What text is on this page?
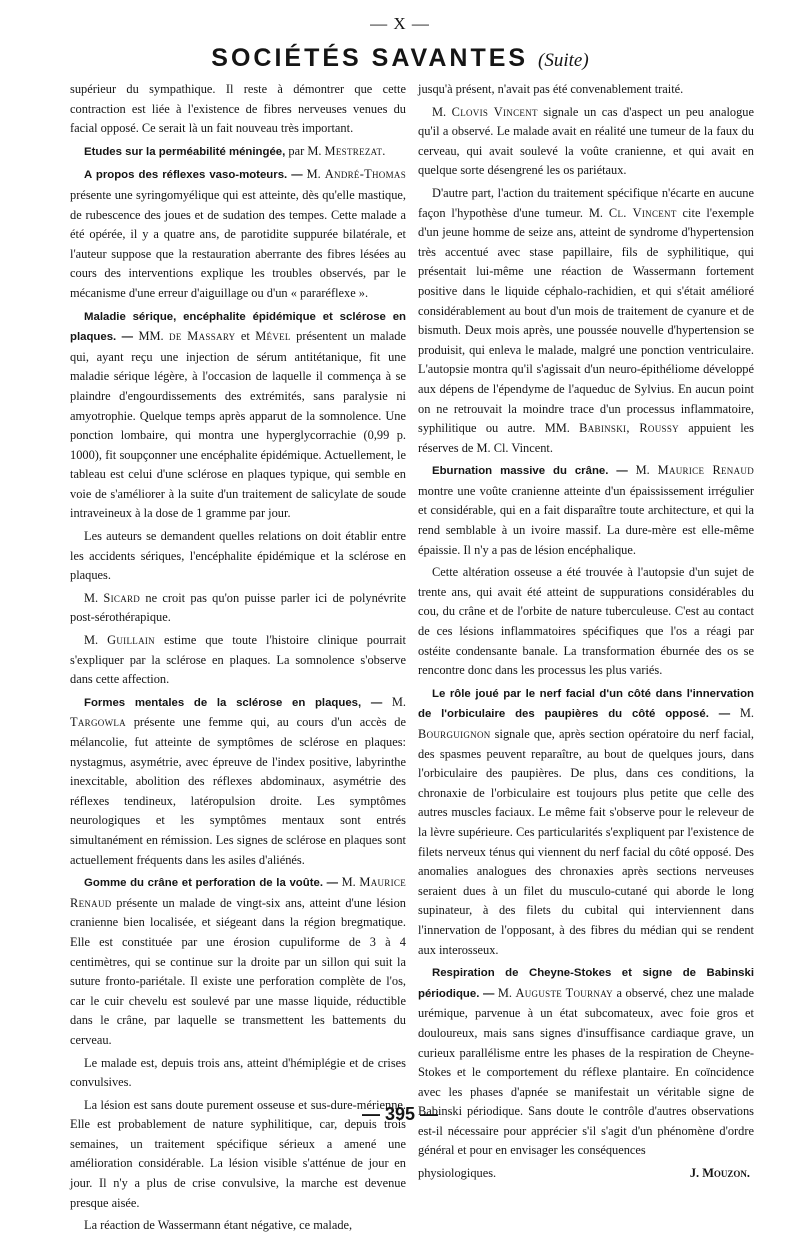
— X —
SOCIÉTÉS SAVANTES (Suite)

supérieur du sympathique. Il reste à démontrer que cette contraction est liée à l'existence de fibres nerveuses venues du facial opposé. Ce serait là un fait nouveau très important.

Etudes sur la perméabilité méningée, par M. Mestrezat.

A propos des réflexes vaso-moteurs. — M. André-Thomas présente une syringomyélique qui est atteinte, dès qu'elle mastique, de rubescence des joues et de sudation des tempes. Cette malade a été opérée, il y a quatre ans, de parotidite suppurée bilatérale, et l'auteur suppose que la restauration aberrante des fibres lésées au cours des interventions explique les troubles observés, par le mécanisme d'une erreur d'aiguillage ou d'un « pararéflexe ».

Maladie sérique, encéphalite épidémique et sclérose en plaques. — MM. de Massary et Mével présentent un malade qui, ayant reçu une injection de sérum antitétanique, fit une maladie sérique légère, à l'occasion de laquelle il commença à se plaindre d'engourdissements des extrémités, sans paralysie ni amyotrophie. Quelque temps après apparut de la somnolence. Une ponction lombaire, qui montra une hyperglycorrachie (0,99 p. 1000), fit soupçonner une encéphalite épidémique. Actuellement, le tableau est celui d'une sclérose en plaques typique, qui semble en voie de s'améliorer à la suite d'un traitement de salicylate de soude intraveineux à la dose de 1 gramme par jour.

Les auteurs se demandent quelles relations on doit établir entre les accidents sériques, l'encéphalite épidémique et la sclérose en plaques.

M. Sicard ne croit pas qu'on puisse parler ici de polynévrite post-sérothérapique.

M. Guillain estime que toute l'histoire clinique pourrait s'expliquer par la sclérose en plaques. La somnolence s'observe dans cette affection.

Formes mentales de la sclérose en plaques, — M. Targowla présente une femme qui, au cours d'un accès de mélancolie, fut atteinte de symptômes de sclérose en plaques: nystagmus, asymétrie, avec épreuve de l'index positive, labyrinthe inexcitable, abolition des réflexes abdominaux, asymétrie des réflexes tendineux, latéropulsion droite. Les symptômes neurologiques et les symptômes mentaux sont entrés simultanément en rémission. Les signes de sclérose en plaques sont actuellement fréquents dans les asiles d'aliénés.

Gomme du crâne et perforation de la voûte. — M. Maurice Renaud présente un malade de vingt-six ans, atteint d'une lésion cranienne bien localisée, et siégeant dans la région bregmatique. Elle est constituée par une érosion cupuliforme de 3 à 4 centimètres, qui se continue sur la droite par un sillon qui suit la suture fronto-pariétale. Il existe une perforation complète de l'os, car le cuir chevelu est soulevé par une masse liquide, réductible dans le crâne, par laquelle se transmettent les battements du cerveau.

Le malade est, depuis trois ans, atteint d'hémiplégie et de crises convulsives.

La lésion est sans doute purement osseuse et sus-dure-mérienne. Elle est probablement de nature syphilitique, car, depuis trois semaines, un traitement spécifique sérieux a amené une amélioration considérable. La lésion visible s'atténue de jour en jour. Il n'y a plus de crise convulsive, la marche est devenue presque aisée.

La réaction de Wassermann étant négative, ce malade,

jusqu'à présent, n'avait pas été convenablement traité.

M. Clovis Vincent signale un cas d'aspect un peu analogue qu'il a observé. Le malade avait en réalité une tumeur de la faux du cerveau, qui avait soulevé la voûte cranienne, et qui avait en quelque sorte désengrené les os pariétaux.

D'autre part, l'action du traitement spécifique n'écarte en aucune façon l'hypothèse d'une tumeur. M. Cl. Vincent cite l'exemple d'un jeune homme de seize ans, atteint de syndrome d'hypertension très accentué avec stase papillaire, fils de syphilitique, qui présentait lui-même une réaction de Wassermann fortement positive dans le liquide céphalo-rachidien, et qui s'était amélioré considérablement au bout d'un mois de traitement de cyanure et de bismuth. Deux mois après, une poussée nouvelle d'hypertension se produisit, qui enleva le malade, malgré une ponction ventriculaire. L'autopsie montra qu'il s'agissait d'un neuro-épithéliome développé aux dépens de l'épendyme de l'aqueduc de Sylvius. En aucun point on ne retrouvait la moindre trace d'un processus inflammatoire, syphilitique ou autre. MM. Babinski, Roussy appuient les réserves de M. Cl. Vincent.

Eburnation massive du crâne. — M. Maurice Renaud montre une voûte cranienne atteinte d'un épaississement irrégulier et considérable, qui en a fait disparaître toute architecture, et qui la rend semblable à un ivoire massif. La dure-mère est elle-même épaissie. Il n'y a pas de lésion encéphalique.

Cette altération osseuse a été trouvée à l'autopsie d'un sujet de trente ans, qui avait été atteint de suppurations considérables du cou, du crâne et de l'orbite de nature tuberculeuse. C'est au contact de ces lésions inflammatoires spécifiques que l'os a réagi par ostéite condensante banale. La transformation éburnée des os se rencontre donc dans les processus les plus variés.

Le rôle joué par le nerf facial d'un côté dans l'innervation de l'orbiculaire des paupières du côté opposé. — M. Bourguignon signale que, après section opératoire du nerf facial, des spasmes peuvent reparaître, au bout de quelques jours, dans l'orbiculaire des paupières. De plus, dans ces conditions, la chronaxie de l'orbiculaire est toujours plus petite que celle des autres muscles faciaux. Le même fait s'observe pour le releveur de la lèvre supérieure. Ces particularités s'expliquent par l'existence de filets nerveux ténus qui viennent du nerf facial du côté opposé. Des anomalies analogues des chronaxies après sections nerveuses seraient dues à un filet du musculo-cutané qui aborde le long supinateur, à des filets du cubital qui interviennent dans l'innervation de l'opposant, à des fibres du médian qui se rendent aux interosseux.

Respiration de Cheyne-Stokes et signe de Babinski périodique. — M. Auguste Tournay a observé, chez une malade urémique, parvenue à un état subcomateux, avec foie gros et douloureux, mais sans signes d'insuffisance cardiaque grave, un curieux parallélisme entre les phases de la respiration de Cheyne-Stokes et le comportement du réflexe plantaire. En coïncidence avec les phases d'apnée se manifestait un véritable signe de Babinski périodique. Sans doute le contrôle d'autres observations est-il nécessaire pour apprécier s'il s'agit d'un phénomène d'ordre général et pour en envisager les conséquences

physiologiques.	J. Mouzon.
— 395 —
